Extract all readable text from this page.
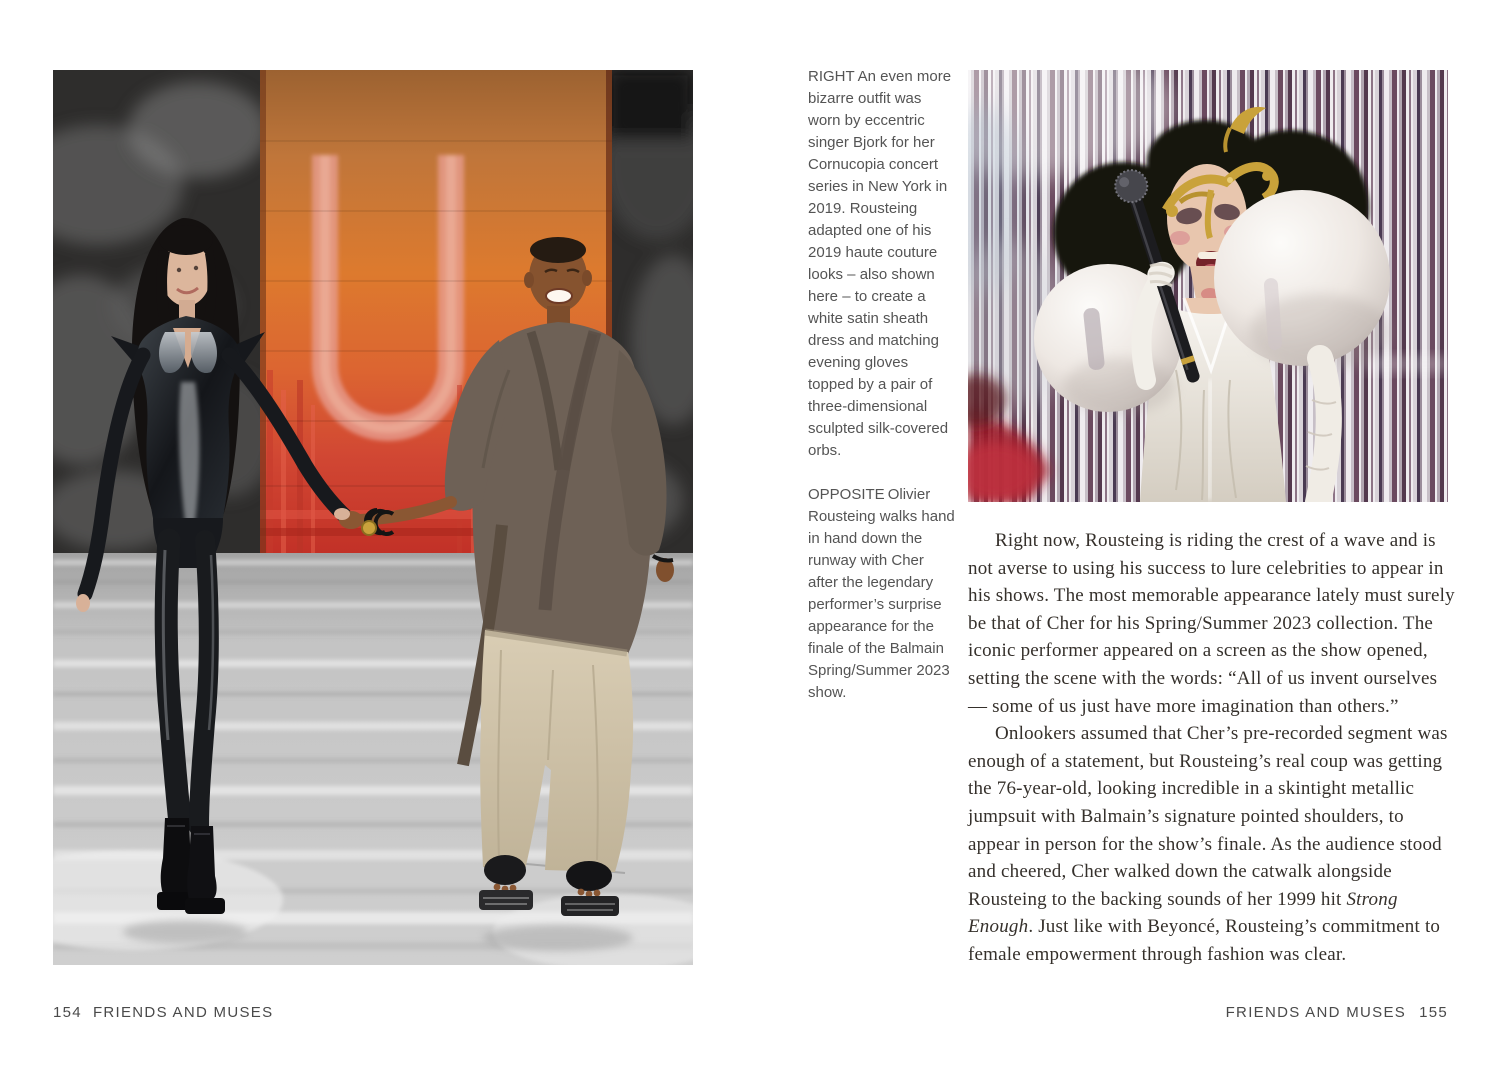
RIGHT An even more bizarre outfit was worn by eccentric singer Bjork for her Cornucopia concert series in New York in 2019. Rousteing adapted one of his 2019 haute couture looks – also shown here – to create a white satin sheath dress and matching evening gloves topped by a pair of three-dimensional sculpted silk-covered orbs.

OPPOSITE Olivier Rousteing walks hand in hand down the runway with Cher after the legendary performer’s surprise appearance for the finale of the Balmain Spring/Summer 2023 show.

Right now, Rousteing is riding the crest of a wave and is not averse to using his success to lure celebrities to appear in his shows. The most memorable appearance lately must surely be that of Cher for his Spring/Summer 2023 collection. The iconic performer appeared on a screen as the show opened, setting the scene with the words: “All of us invent ourselves — some of us just have more imagination than others.”

Onlookers assumed that Cher’s pre-recorded segment was enough of a statement, but Rousteing’s real coup was getting the 76-year-old, looking incredible in a skintight metallic jumpsuit with Balmain’s signature pointed shoulders, to appear in person for the show’s finale. As the audience stood and cheered, Cher walked down the catwalk alongside Rousteing to the backing sounds of her 1999 hit Strong Enough. Just like with Beyoncé, Rousteing’s commitment to female empowerment through fashion was clear.

154 FRIENDS AND MUSES	FRIENDS AND MUSES 155
